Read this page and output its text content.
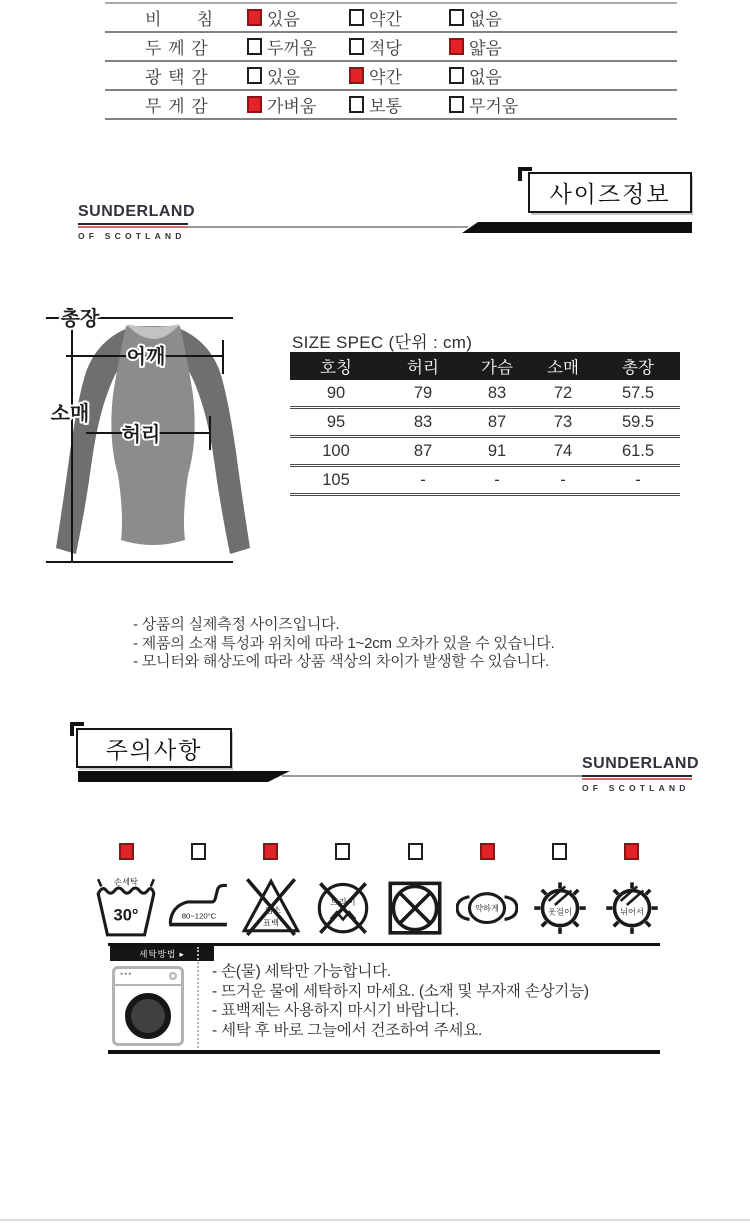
비      침	있음	약간	없음
두 께 감	두꺼움	적당	얇음
광 택 감	있음	약간	없음
무 게 감	가벼움	보통	무거움
사이즈정보
SUNDERLAND
OF SCOTLAND
총장
어깨
소매
허리
SIZE SPEC (단위 : cm)
호칭	허리	가슴	소매	총장
90	79	83	72	57.5
95	83	87	73	59.5
100	87	91	74	61.5
105	-	-	-	-
- 상품의 실제측정 사이즈입니다.
- 제품의 소재 특성과 위치에 따라 1~2cm 오차가 있을 수 있습니다.
- 모니터와 해상도에 따라 상품 색상의 차이가 발생할 수 있습니다.
주의사항
SUNDERLAND
OF SCOTLAND
손세탁
30°	80~120°C
염소
표백
드라이
약하게	옷걸이	뉘어서
세탁방법 ▸
•••	- 손(물) 세탁만 가능합니다.
- 뜨거운 물에 세탁하지 마세요. (소재 및 부자재 손상기능)
- 표백제는 사용하지 마시기 바랍니다.
- 세탁 후 바로 그늘에서 건조하여 주세요.
